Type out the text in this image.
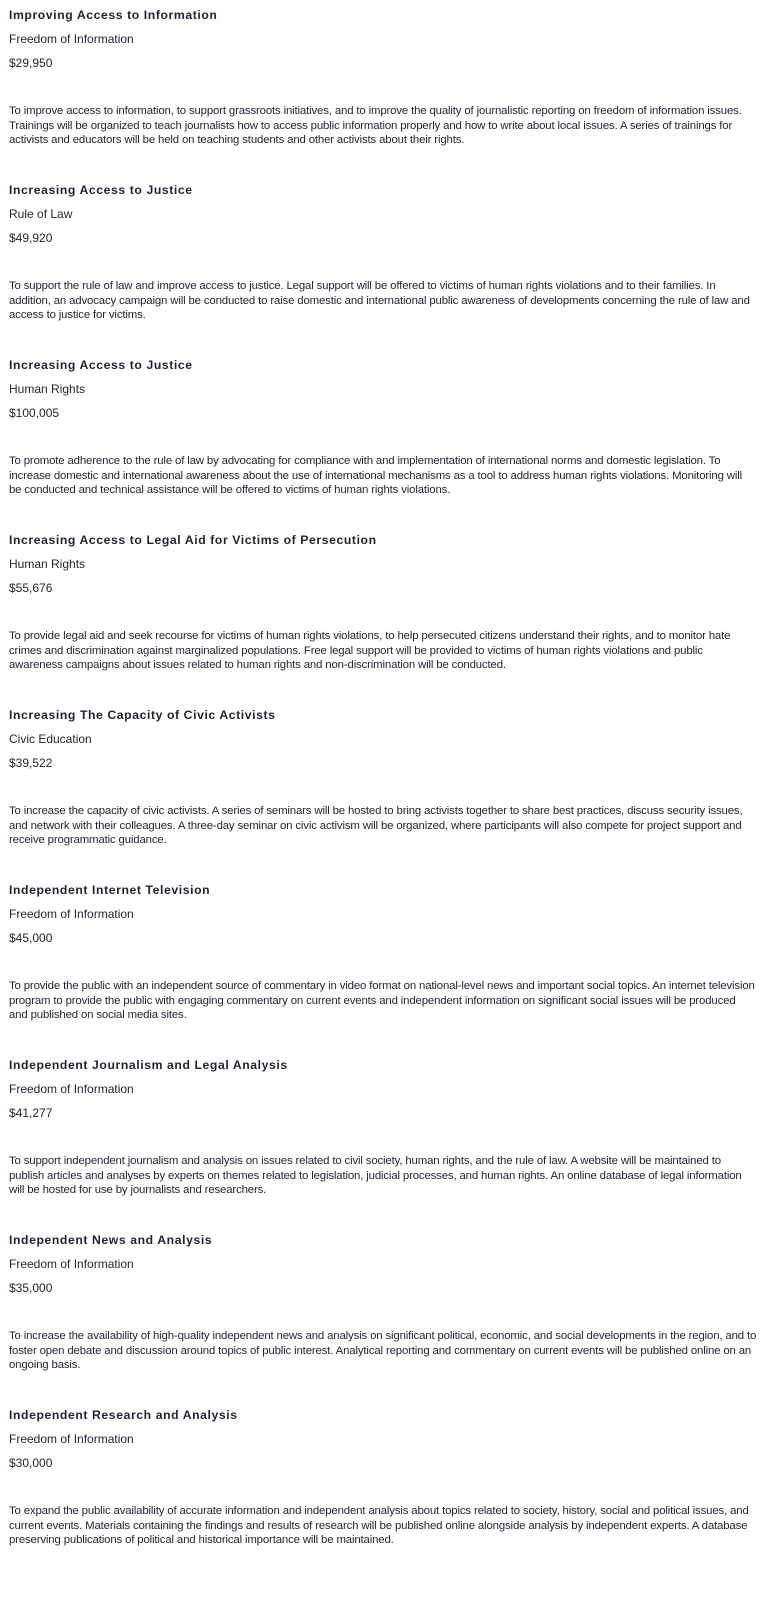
Improving Access to Information
Freedom of Information
$29,950

To improve access to information, to support grassroots initiatives, and to improve the quality of journalistic reporting on freedom of information issues. Trainings will be organized to teach journalists how to access public information properly and how to write about local issues. A series of trainings for activists and educators will be held on teaching students and other activists about their rights.

Increasing Access to Justice
Rule of Law
$49,920

To support the rule of law and improve access to justice. Legal support will be offered to victims of human rights violations and to their families. In addition, an advocacy campaign will be conducted to raise domestic and international public awareness of developments concerning the rule of law and access to justice for victims.

Increasing Access to Justice
Human Rights
$100,005

To promote adherence to the rule of law by advocating for compliance with and implementation of international norms and domestic legislation. To increase domestic and international awareness about the use of international mechanisms as a tool to address human rights violations. Monitoring will be conducted and technical assistance will be offered to victims of human rights violations.

Increasing Access to Legal Aid for Victims of Persecution
Human Rights
$55,676

To provide legal aid and seek recourse for victims of human rights violations, to help persecuted citizens understand their rights, and to monitor hate crimes and discrimination against marginalized populations. Free legal support will be provided to victims of human rights violations and public awareness campaigns about issues related to human rights and non-discrimination will be conducted.

Increasing The Capacity of Civic Activists
Civic Education
$39,522

To increase the capacity of civic activists. A series of seminars will be hosted to bring activists together to share best practices, discuss security issues, and network with their colleagues. A three-day seminar on civic activism will be organized, where participants will also compete for project support and receive programmatic guidance.

Independent Internet Television
Freedom of Information
$45,000

To provide the public with an independent source of commentary in video format on national-level news and important social topics. An internet television program to provide the public with engaging commentary on current events and independent information on significant social issues will be produced and published on social media sites.

Independent Journalism and Legal Analysis
Freedom of Information
$41,277

To support independent journalism and analysis on issues related to civil society, human rights, and the rule of law. A website will be maintained to publish articles and analyses by experts on themes related to legislation, judicial processes, and human rights. An online database of legal information will be hosted for use by journalists and researchers.

Independent News and Analysis
Freedom of Information
$35,000

To increase the availability of high-quality independent news and analysis on significant political, economic, and social developments in the region, and to foster open debate and discussion around topics of public interest. Analytical reporting and commentary on current events will be published online on an ongoing basis.

Independent Research and Analysis
Freedom of Information
$30,000

To expand the public availability of accurate information and independent analysis about topics related to society, history, social and political issues, and current events. Materials containing the findings and results of research will be published online alongside analysis by independent experts. A database preserving publications of political and historical importance will be maintained.
